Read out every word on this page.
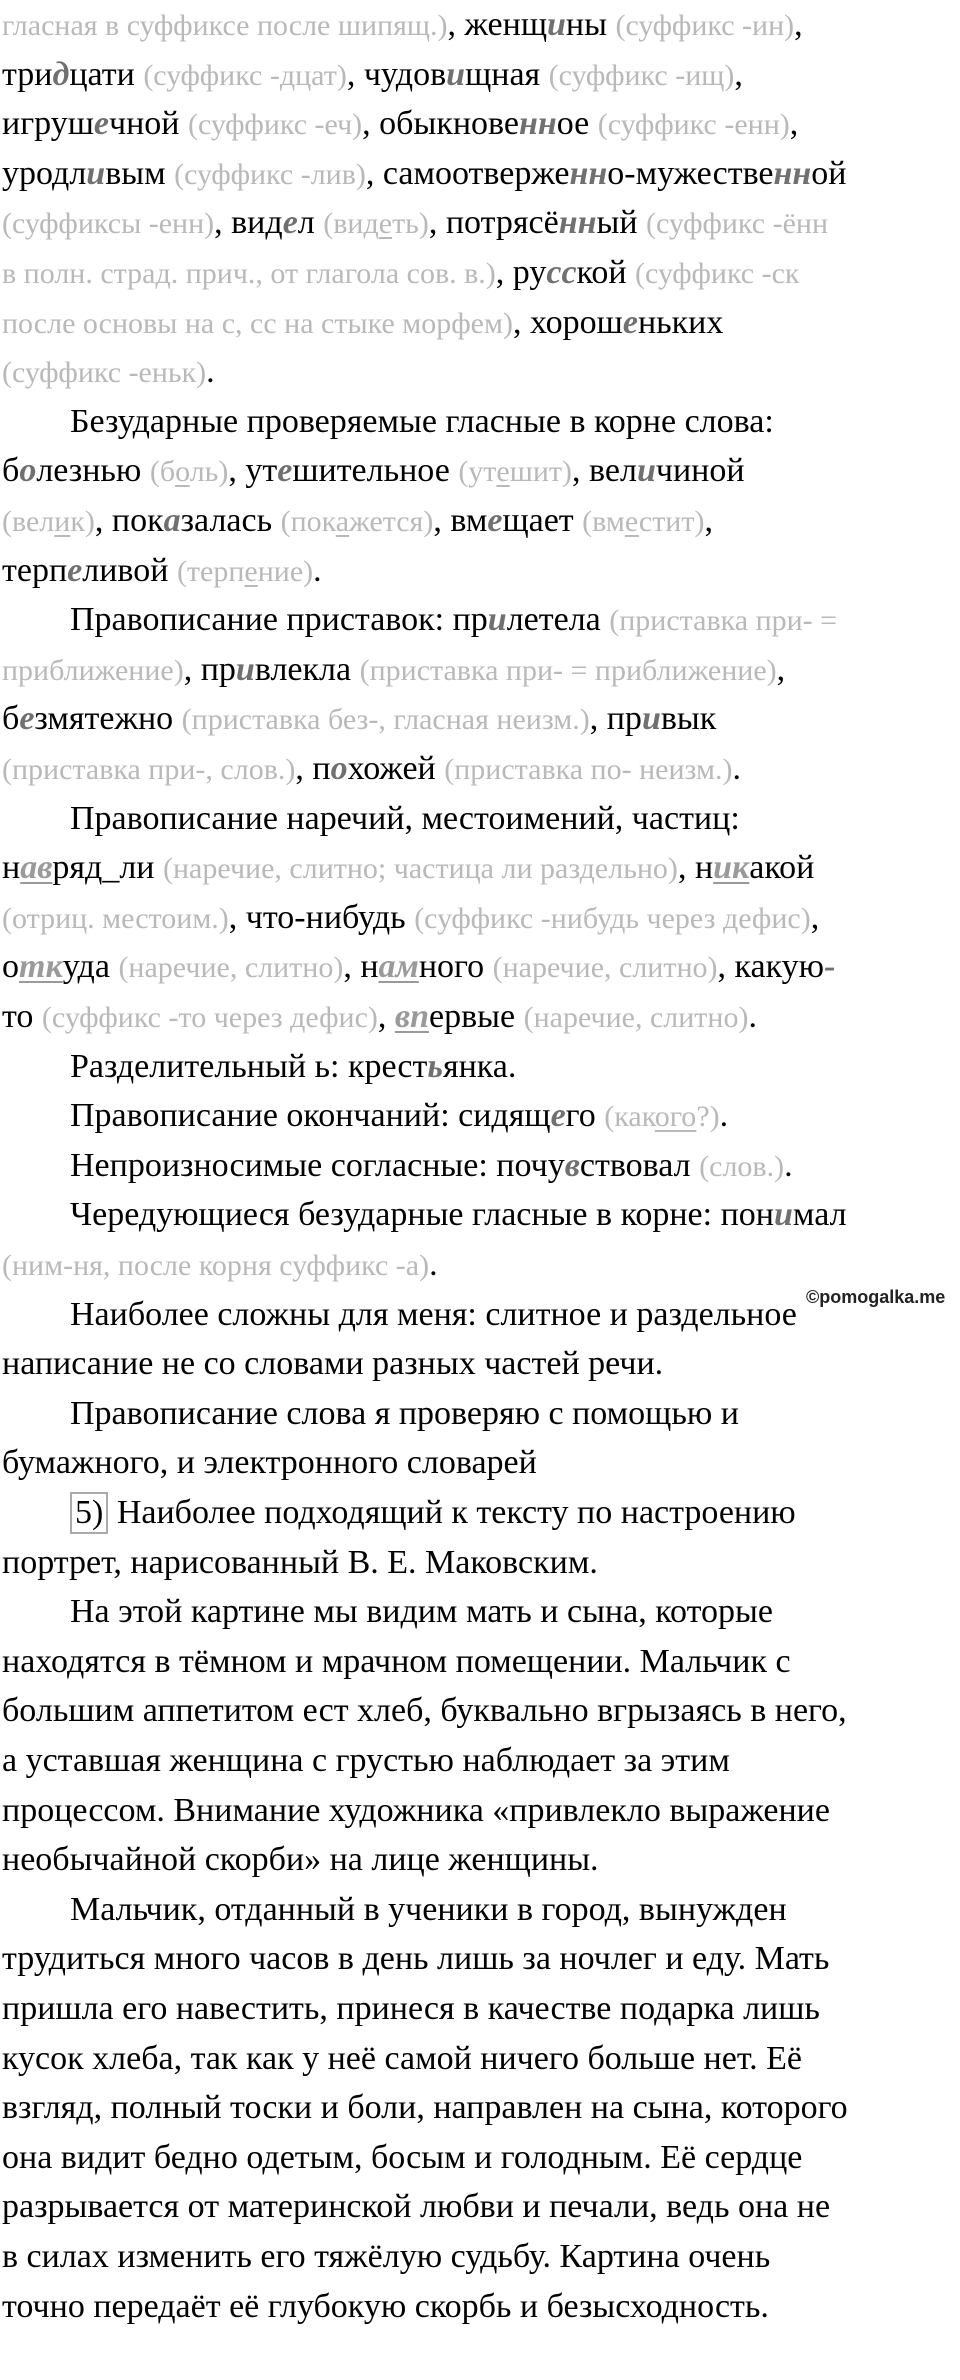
©pomogalka.me
гласная в суффиксе после шипящ.), женщины (суффикс -ин),
тридцати (суффикс -дцат), чудовищная (суффикс -ищ),
игрушечной (суффикс -еч), обыкновенное (суффикс -енн),
уродливым (суффикс -лив), самоотверженно-мужественной
(суффиксы -енн), видел (видеть), потрясённый (суффикс -ённ
в полн. страд. прич., от глагола сов. в.), русской (суффикс -ск
после основы на с, сс на стыке морфем), хорошеньких
(суффикс -еньк).
Безударные проверяемые гласные в корне слова:
болезнью (боль), утешительное (утешит), величиной
(велик), показалась (покажется), вмещает (вместит),
терпеливой (терпение).
Правописание приставок: прилетела (приставка при- =
приближение), привлекла (приставка при- = приближение),
безмятежно (приставка без-, гласная неизм.), привык
(приставка при-, слов.), похожей (приставка по- неизм.).
Правописание наречий, местоимений, частиц:
навряд_ли (наречие, слитно; частица ли раздельно), никакой
(отриц. местоим.), что-нибудь (суффикс -нибудь через дефис),
откуда (наречие, слитно), намного (наречие, слитно), какую-
то (суффикс -то через дефис), впервые (наречие, слитно).
Разделительный ь: крестьянка.
Правописание окончаний: сидящего (какого?).
Непроизносимые согласные: почувствовал (слов.).
Чередующиеся безударные гласные в корне: понимал
(ним-ня, после корня суффикс -а).
Наиболее сложны для меня: слитное и раздельное
написание не со словами разных частей речи.
Правописание слова я проверяю с помощью и
бумажного, и электронного словарей
5) Наиболее подходящий к тексту по настроению
портрет, нарисованный В. Е. Маковским.
На этой картине мы видим мать и сына, которые
находятся в тёмном и мрачном помещении. Мальчик с
большим аппетитом ест хлеб, буквально вгрызаясь в него,
а уставшая женщина с грустью наблюдает за этим
процессом. Внимание художника «привлекло выражение
необычайной скорби» на лице женщины.
Мальчик, отданный в ученики в город, вынужден
трудиться много часов в день лишь за ночлег и еду. Мать
пришла его навестить, принеся в качестве подарка лишь
кусок хлеба, так как у неё самой ничего больше нет. Её
взгляд, полный тоски и боли, направлен на сына, которого
она видит бедно одетым, босым и голодным. Её сердце
разрывается от материнской любви и печали, ведь она не
в силах изменить его тяжёлую судьбу. Картина очень
точно передаёт её глубокую скорбь и безысходность.
